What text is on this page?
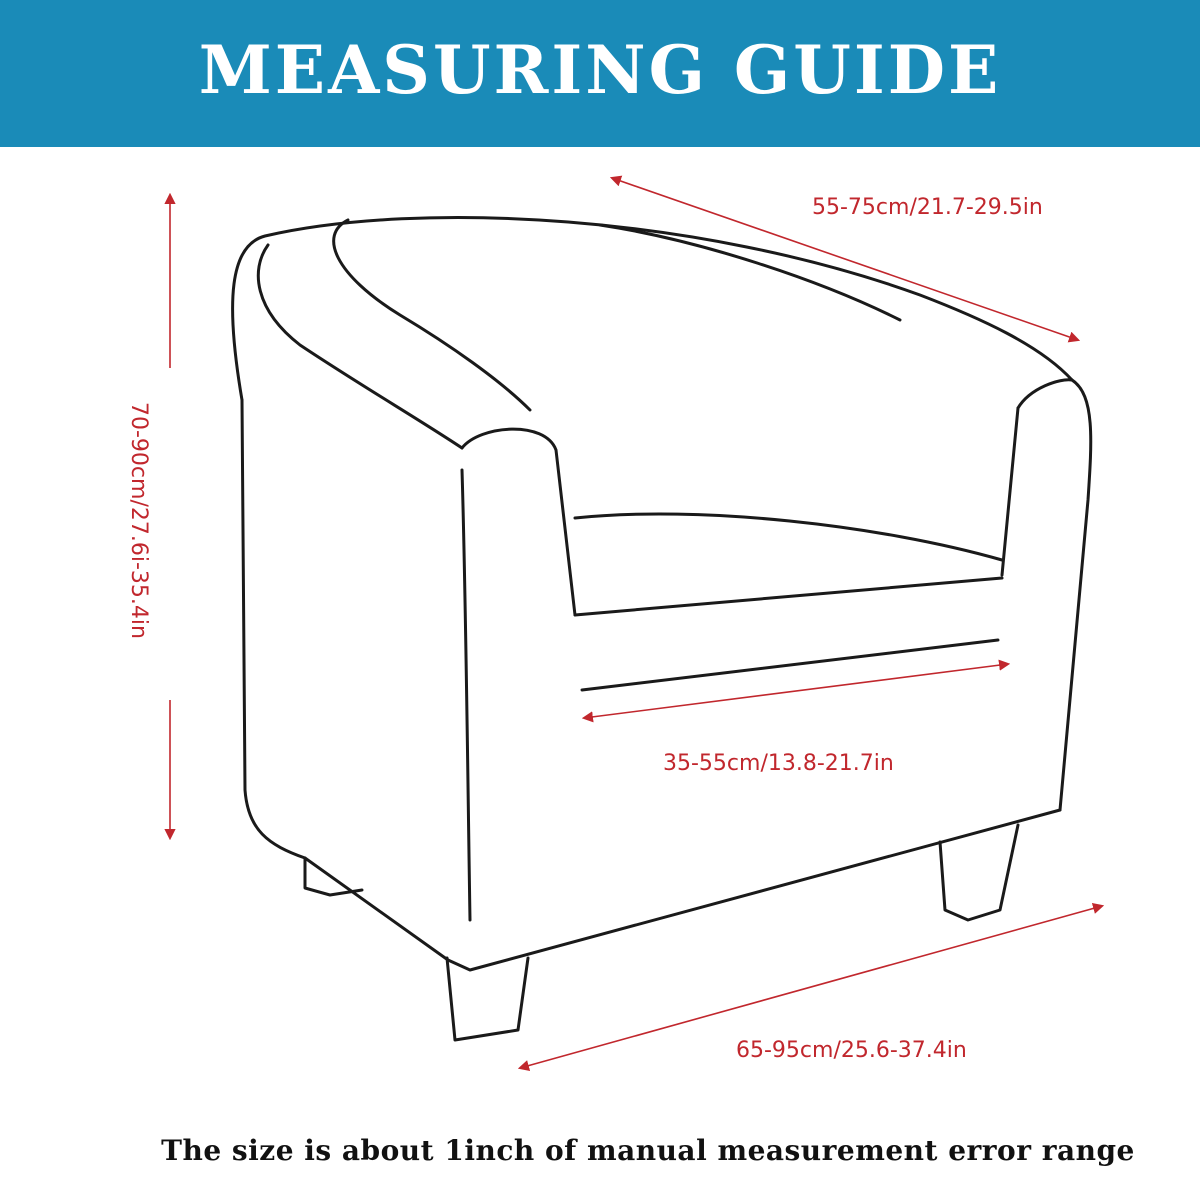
MEASURING GUIDE
55-75cm/21.7-29.5in
70-90cm/27.6i-35.4in
35-55cm/13.8-21.7in
65-95cm/25.6-37.4in
The size is about 1inch of manual measurement error range
